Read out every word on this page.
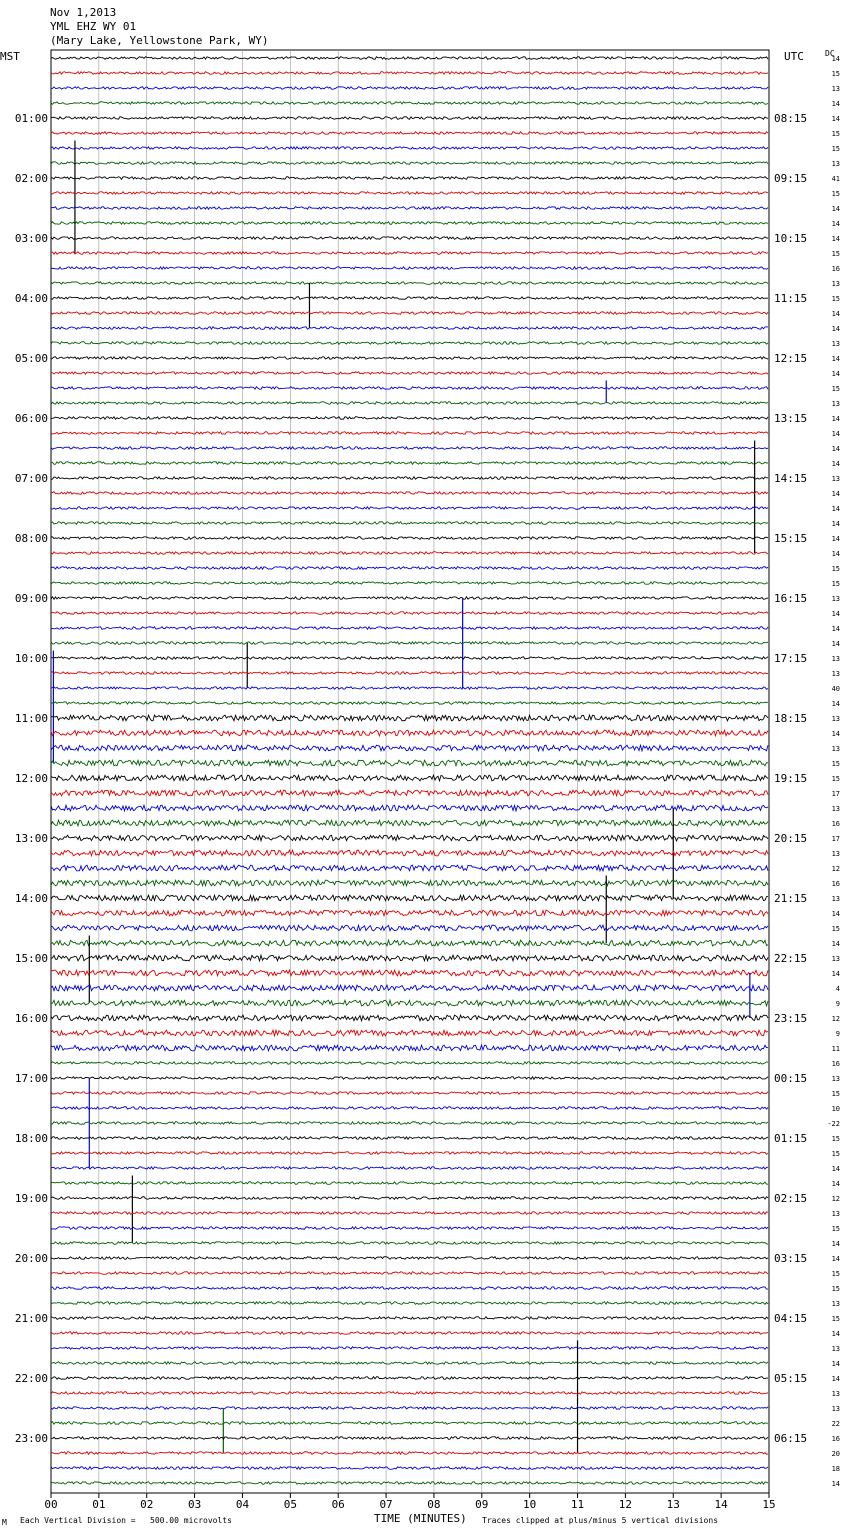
Nov 1,2013
YML EHZ WY 01
(Mary Lake, Yellowstone Park, WY)
MST	UTC	DC
14
15
13
14
14
15
15
13
41
15
14
14
14
15
16
13
15
14
14
13
14
14
15
13
14
14
14
14
13
14
14
14
14
14
15
15
13
14
14
14
13
13
40
14
13
14
13
15
15
17
13
16
17
13
12
16
13
14
15
14
13
14
4
9
12
9
11
16
13
15
10
-22
15
15
14
14
12
13
15
14
14
15
15
13
15
14
13
14
14
13
13
22
16
20
18
14
01:00	08:15
02:00	09:15
03:00	10:15
04:00	11:15
05:00	12:15
06:00	13:15
07:00	14:15
08:00	15:15
09:00	16:15
10:00	17:15
11:00	18:15
12:00	19:15
13:00	20:15
14:00	21:15
15:00	22:15
16:00	23:15
17:00	00:15
18:00	01:15
19:00	02:15
20:00	03:15
21:00	04:15
22:00	05:15
23:00	06:15
00	01	02	03	04	05	06	07	08	09	10	11	12	13	14	15
M Each Vertical Division =   500.00 microvolts	TIME (MINUTES) Traces clipped at plus/minus 5 vertical divisions
